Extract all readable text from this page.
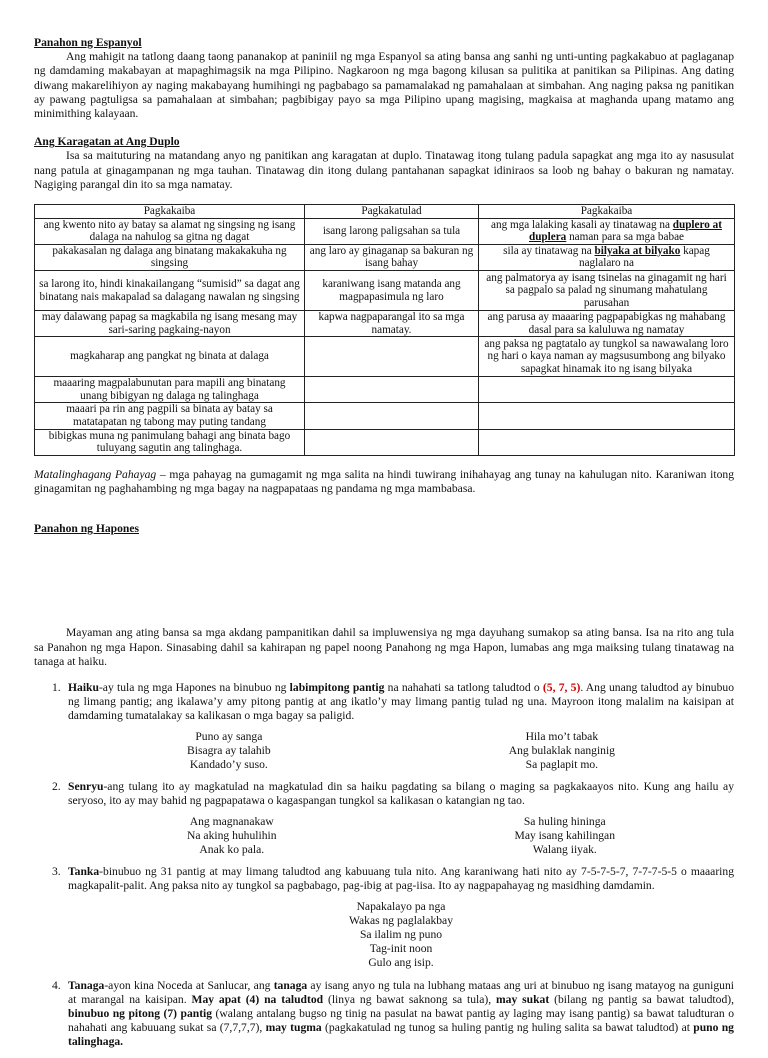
Panahon ng Espanyol

Ang mahigit na tatlong daang taong pananakop at paniniil ng mga Espanyol sa ating bansa ang sanhi ng unti-unting pagkakabuo at paglaganap ng damdaming makabayan at mapaghimagsik na mga Pilipino. Nagkaroon ng mga bagong kilusan sa pulitika at panitikan sa Pilipinas. Ang dating diwang makarelihiyon ay naging makabayang humihingi ng pagbabago sa pamamalakad ng pamahalaan at simbahan. Ang naging paksa ng panitikan ay pawang pagtuligsa sa pamahalaan at simbahan; pagbibigay payo sa mga Pilipino upang magising, magkaisa at maghanda upang matamo ang minimithing kalayaan.

Ang Karagatan at Ang Duplo

Isa sa maituturing na matandang anyo ng panitikan ang karagatan at duplo. Tinatawag itong tulang padula sapagkat ang mga ito ay nasusulat nang patula at ginagampanan ng mga tauhan. Tinatawag din itong dulang pantahanan sapagkat idiniraos sa loob ng bahay o bakuran ng namatay. Nagiging parangal din ito sa mga namatay.

Pagkakaiba	Pagkakatulad	Pagkakaiba
ang kwento nito ay batay sa alamat ng singsing ng isang dalaga na nahulog sa gitna ng dagat	isang larong paligsahan sa tula	ang mga lalaking kasali ay tinatawag na duplero at duplera naman para sa mga babae
pakakasalan ng dalaga ang binatang makakakuha ng singsing	ang laro ay ginaganap sa bakuran ng isang bahay	sila ay tinatawag na bilyaka at bilyako kapag naglalaro na
sa larong ito, hindi kinakailangang “sumisid” sa dagat ang binatang nais makapalad sa dalagang nawalan ng singsing	karaniwang isang matanda ang magpapasimula ng laro	ang palmatorya ay isang tsinelas na ginagamit ng hari sa pagpalo sa palad ng sinumang mahatulang parusahan
may dalawang papag sa magkabila ng isang mesang may sari-saring pagkaing-nayon	kapwa nagpaparangal ito sa mga namatay.	ang parusa ay maaaring pagpapabigkas ng mahabang dasal para sa kaluluwa ng namatay
magkaharap ang pangkat ng binata at dalaga		ang paksa ng pagtatalo ay tungkol sa nawawalang loro ng hari o kaya naman ay magsusumbong ang bilyako sapagkat hinamak ito ng isang bilyaka
maaaring magpalabunutan para mapili ang binatang unang bibigyan ng dalaga ng talinghaga		
maaari pa rin ang pagpili sa binata ay batay sa matatapatan ng tabong may puting tandang		
bibigkas muna ng panimulang bahagi ang binata bago tuluyang sagutin ang talinghaga.		

Matalinghagang Pahayag – mga pahayag na gumagamit ng mga salita na hindi tuwirang inihahayag ang tunay na kahulugan nito. Karaniwan itong ginagamitan ng paghahambing ng mga bagay na nagpapataas ng pandama ng mga mambabasa.

Panahon ng Hapones

Mayaman ang ating bansa sa mga akdang pampanitikan dahil sa impluwensiya ng mga dayuhang sumakop sa ating bansa. Isa na rito ang tula sa Panahon ng mga Hapon. Sinasabing dahil sa kahirapan ng papel noong Panahong ng mga Hapon, lumabas ang mga maiksing tulang tinatawag na tanaga at haiku.

1. Haiku-ay tula ng mga Hapones na binubuo ng labimpitong pantig na nahahati sa tatlong taludtod o (5, 7, 5). Ang unang taludtod ay binubuo ng limang pantig; ang ikalawa’y amy pitong pantig at ang ikatlo’y may limang pantig tulad ng una. Mayroon itong malalim na kaisipan at damdaming tumatalakay sa kalikasan o mga bagay sa paligid.

Puno ay sanga
Bisagra ay talahib
Kandado’y suso.
Hila mo’t tabak
Ang bulaklak nanginig
Sa paglapit mo.
2. Senryu-ang tulang ito ay magkatulad na magkatulad din sa haiku pagdating sa bilang o maging sa pagkakaayos nito. Kung ang hailu ay seryoso, ito ay may bahid ng pagpapatawa o kagaspangan tungkol sa kalikasan o katangian ng tao.

Ang magnanakaw
Na aking huhulihin
Anak ko pala.
Sa huling hininga
May isang kahilingan
Walang iiyak.
3. Tanka-binubuo ng 31 pantig at may limang taludtod ang kabuuang tula nito. Ang karaniwang hati nito ay 7-5-7-5-7, 7-7-7-5-5 o maaaring magkapalit-palit. Ang paksa nito ay tungkol sa pagbabago, pag-ibig at pag-iisa. Ito ay nagpapahayag ng masidhing damdamin.

Napakalayo pa nga
Wakas ng paglalakbay
Sa ilalim ng puno
Tag-init noon
Gulo ang isip.
4. Tanaga-ayon kina Noceda at Sanlucar, ang tanaga ay isang anyo ng tula na lubhang mataas ang uri at binubuo ng isang matayog na guniguni at marangal na kaisipan. May apat (4) na taludtod (linya ng bawat saknong sa tula), may sukat (bilang ng pantig sa bawat taludtod), binubuo ng pitong (7) pantig (walang antalang bugso ng tinig na pasulat na bawat pantig ay laging may isang pantig) sa bawat taludturan o nahahati ang kabuuang sukat sa (7,7,7,7), may tugma (pagkakatulad ng tunog sa huling pantig ng huling salita sa bawat taludtod) at puno ng talinghaga.
